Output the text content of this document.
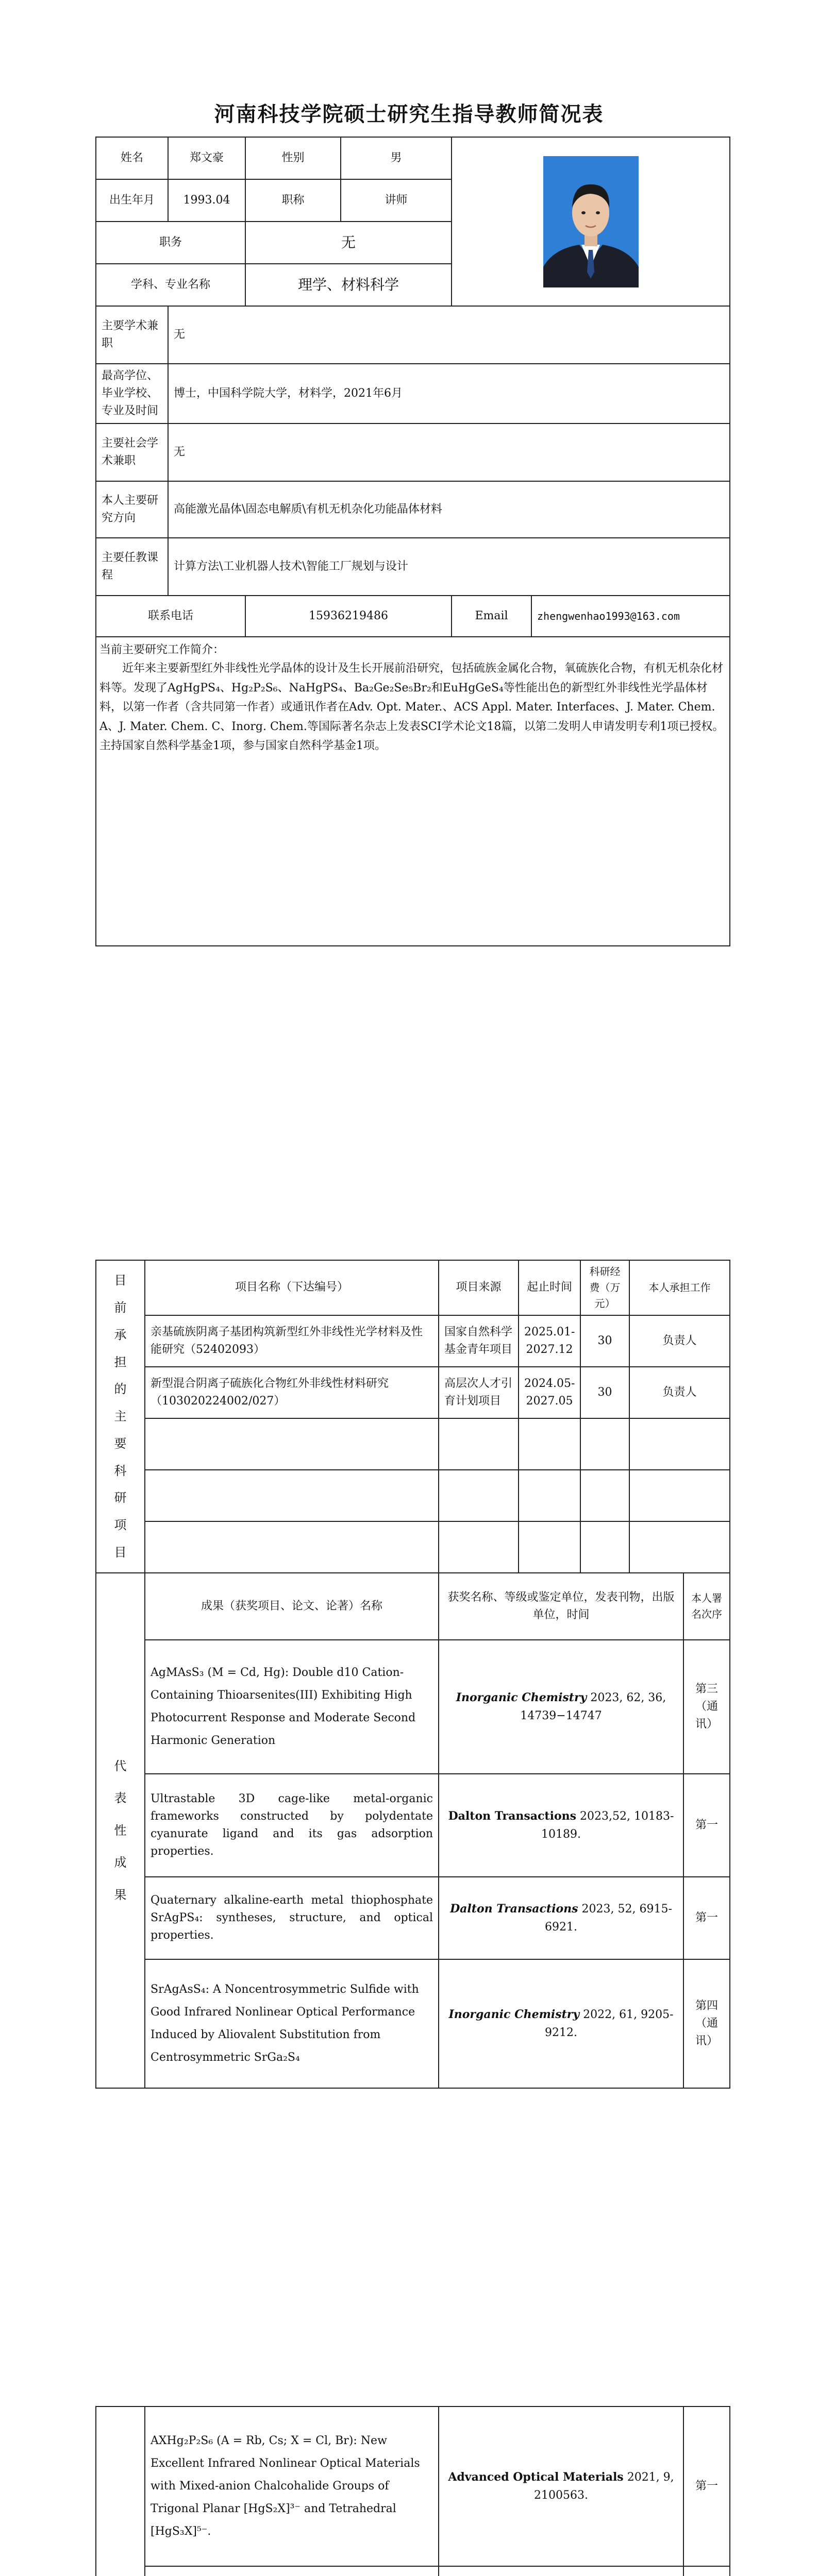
河南科技学院硕士研究生指导教师简况表
姓名	郑文豪	性别	男	

出生年月	1993.04	职称	讲师		
职务		无			
学科、专业名称		理学、材料科学			
主要学术兼 职	无				
最高学位、毕业学校、专业及时间	博士，中国科学院大学，材料学，2021年6月				
主要社会学术兼职	无				
本人主要研究方向	高能激光晶体\固态电解质\有机无机杂化功能晶体材料				
主要任教课 程	计算方法\工业机器人技术\智能工厂规划与设计				
联系电话		15936219486		Email	zhengwenhao1993@163.com

当前主要研究工作简介：
近年来主要新型红外非线性光学晶体的设计及生长开展前沿研究，包括硫族金属化合物，氧硫族化合物，有机无机杂化材料等。发现了AgHgPS₄、Hg₂P₂S₆、NaHgPS₄、Ba₂Ge₂Se₅Br₂和EuHgGeS₄等性能出色的新型红外非线性光学晶体材料，以第一作者（含共同第一作者）或通讯作者在Adv. Opt. Mater.、ACS Appl. Mater. Interfaces、J. Mater. Chem. A、J. Mater. Chem. C、Inorg. Chem.等国际著名杂志上发表SCI学术论文18篇，以第二发明人申请发明专利1项已授权。主持国家自然科学基金1项，参与国家自然科学基金1项。					
目前承担的主要科研项目	项目名称（下达编号）	项目来源	起止时间	科研经费（万元）	本人承担工作
	亲基硫族阴离子基团构筑新型红外非线性光学材料及性能研究（52402093）	国家自然科学基金青年项目	2025.01-2027.12	30	负责人
	新型混合阴离子硫族化合物红外非线性材料研究（103020224002/027）	高层次人才引育计划项目	2024.05-2027.05	30	负责人

代表性成果	成果（获奖项目、论文、论著）名称	获奖名称、等级或鉴定单位，发表刊物，出版单位，时间	本人署名次序
	AgMAsS₃ (M = Cd, Hg): Double d10 Cation-Containing Thioarsenites(III) Exhibiting High Photocurrent Response and Moderate Second Harmonic Generation	Inorganic Chemistry 2023, 62, 36, 14739−14747	第三（通讯）
	Ultrastable 3D cage-like metal-organic frameworks constructed by polydentate cyanurate ligand and its gas adsorption properties.	Dalton Transactions 2023,52, 10183-10189.	第一
	Quaternary alkaline-earth metal thiophosphate SrAgPS₄: syntheses, structure, and optical properties.	Dalton Transactions 2023, 52, 6915-6921.	第一
	SrAgAsS₄: A Noncentrosymmetric Sulfide with Good Infrared Nonlinear Optical Performance Induced by Aliovalent Substitution from Centrosymmetric SrGa₂S₄	Inorganic Chemistry 2022, 61, 9205-9212.	第四（通讯）
	AXHg₂P₂S₆ (A = Rb, Cs; X = Cl, Br): New Excellent Infrared Nonlinear Optical Materials with Mixed-anion Chalcohalide Groups of Trigonal Planar [HgS₂X]³⁻ and Tetrahedral [HgS₃X]⁵⁻.	Advanced Optical Materials 2021, 9, 2100563.	第一
